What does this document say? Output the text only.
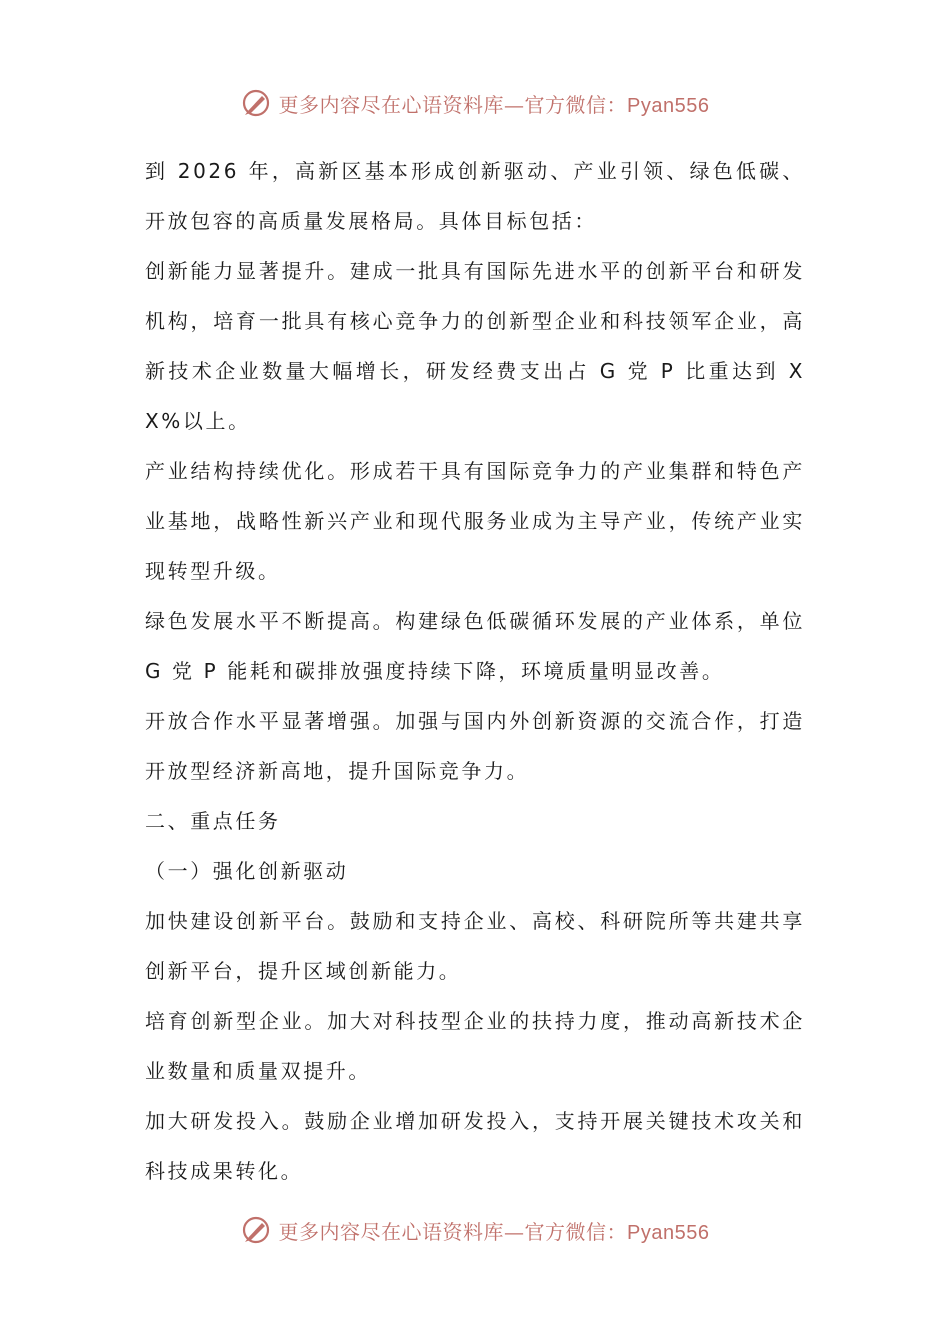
更多内容尽在心语资料库—官方微信：Pyan556

到 2026 年，高新区基本形成创新驱动、产业引领、绿色低碳、开放包容的高质量发展格局。具体目标包括：

创新能力显著提升。建成一批具有国际先进水平的创新平台和研发机构，培育一批具有核心竞争力的创新型企业和科技领军企业，高新技术企业数量大幅增长，研发经费支出占 G 党 P 比重达到 XX%以上。

产业结构持续优化。形成若干具有国际竞争力的产业集群和特色产业基地，战略性新兴产业和现代服务业成为主导产业，传统产业实现转型升级。

绿色发展水平不断提高。构建绿色低碳循环发展的产业体系，单位 G 党 P 能耗和碳排放强度持续下降，环境质量明显改善。

开放合作水平显著增强。加强与国内外创新资源的交流合作，打造开放型经济新高地，提升国际竞争力。

二、重点任务

（一）强化创新驱动

加快建设创新平台。鼓励和支持企业、高校、科研院所等共建共享创新平台，提升区域创新能力。

培育创新型企业。加大对科技型企业的扶持力度，推动高新技术企业数量和质量双提升。

加大研发投入。鼓励企业增加研发投入，支持开展关键技术攻关和科技成果转化。

更多内容尽在心语资料库—官方微信：Pyan556
